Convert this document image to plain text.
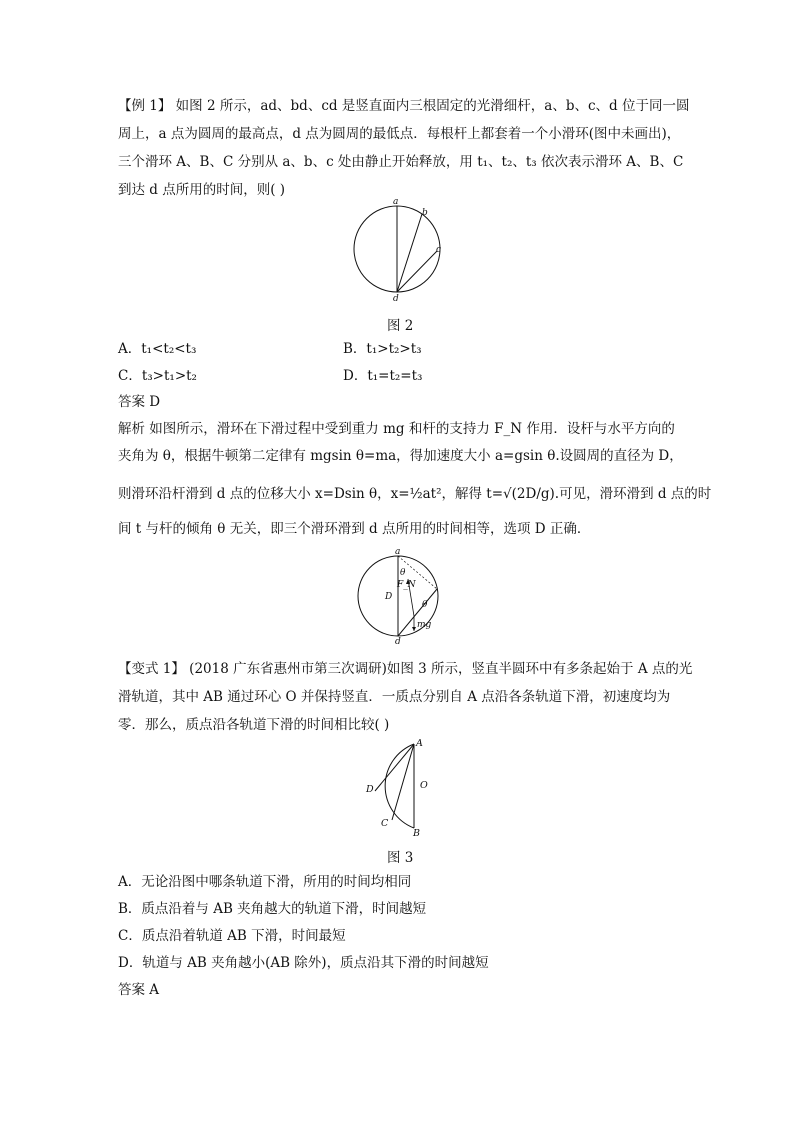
【例 1】 如图 2 所示，ad、bd、cd 是竖直面内三根固定的光滑细杆，a、b、c、d 位于同一圆
周上，a 点为圆周的最高点，d 点为圆周的最低点．每根杆上都套着一个小滑环(图中未画出)，
三个滑环 A、B、C 分别从 a、b、c 处由静止开始释放，用 t₁、t₂、t₃ 依次表示滑环 A、B、C
到达 d 点所用的时间，则( )
a
b
c
d
图 2
A．t₁<t₂<t₃	B．t₁>t₂>t₃
C．t₃>t₁>t₂	D．t₁=t₂=t₃
答案 D
解析 如图所示，滑环在下滑过程中受到重力 mg 和杆的支持力 F_N 作用．设杆与水平方向的
夹角为 θ，根据牛顿第二定律有 mgsin θ=ma，得加速度大小 a=gsin θ.设圆周的直径为 D，
则滑环沿杆滑到 d 点的位移大小 x=Dsin θ，x=½at²，解得 t=√(2D/g).可见，滑环滑到 d 点的时
间 t 与杆的倾角 θ 无关，即三个滑环滑到 d 点所用的时间相等，选项 D 正确．
a
d
D
θ
F_N
mg
θ
【变式 1】 (2018 广东省惠州市第三次调研)如图 3 所示，竖直半圆环中有多条起始于 A 点的光
滑轨道，其中 AB 通过环心 O 并保持竖直．一质点分别自 A 点沿各条轨道下滑，初速度均为
零．那么，质点沿各轨道下滑的时间相比较( )
A
O
D
C
B
图 3
A．无论沿图中哪条轨道下滑，所用的时间均相同
B．质点沿着与 AB 夹角越大的轨道下滑，时间越短
C．质点沿着轨道 AB 下滑，时间最短
D．轨道与 AB 夹角越小(AB 除外)，质点沿其下滑的时间越短
答案 A
